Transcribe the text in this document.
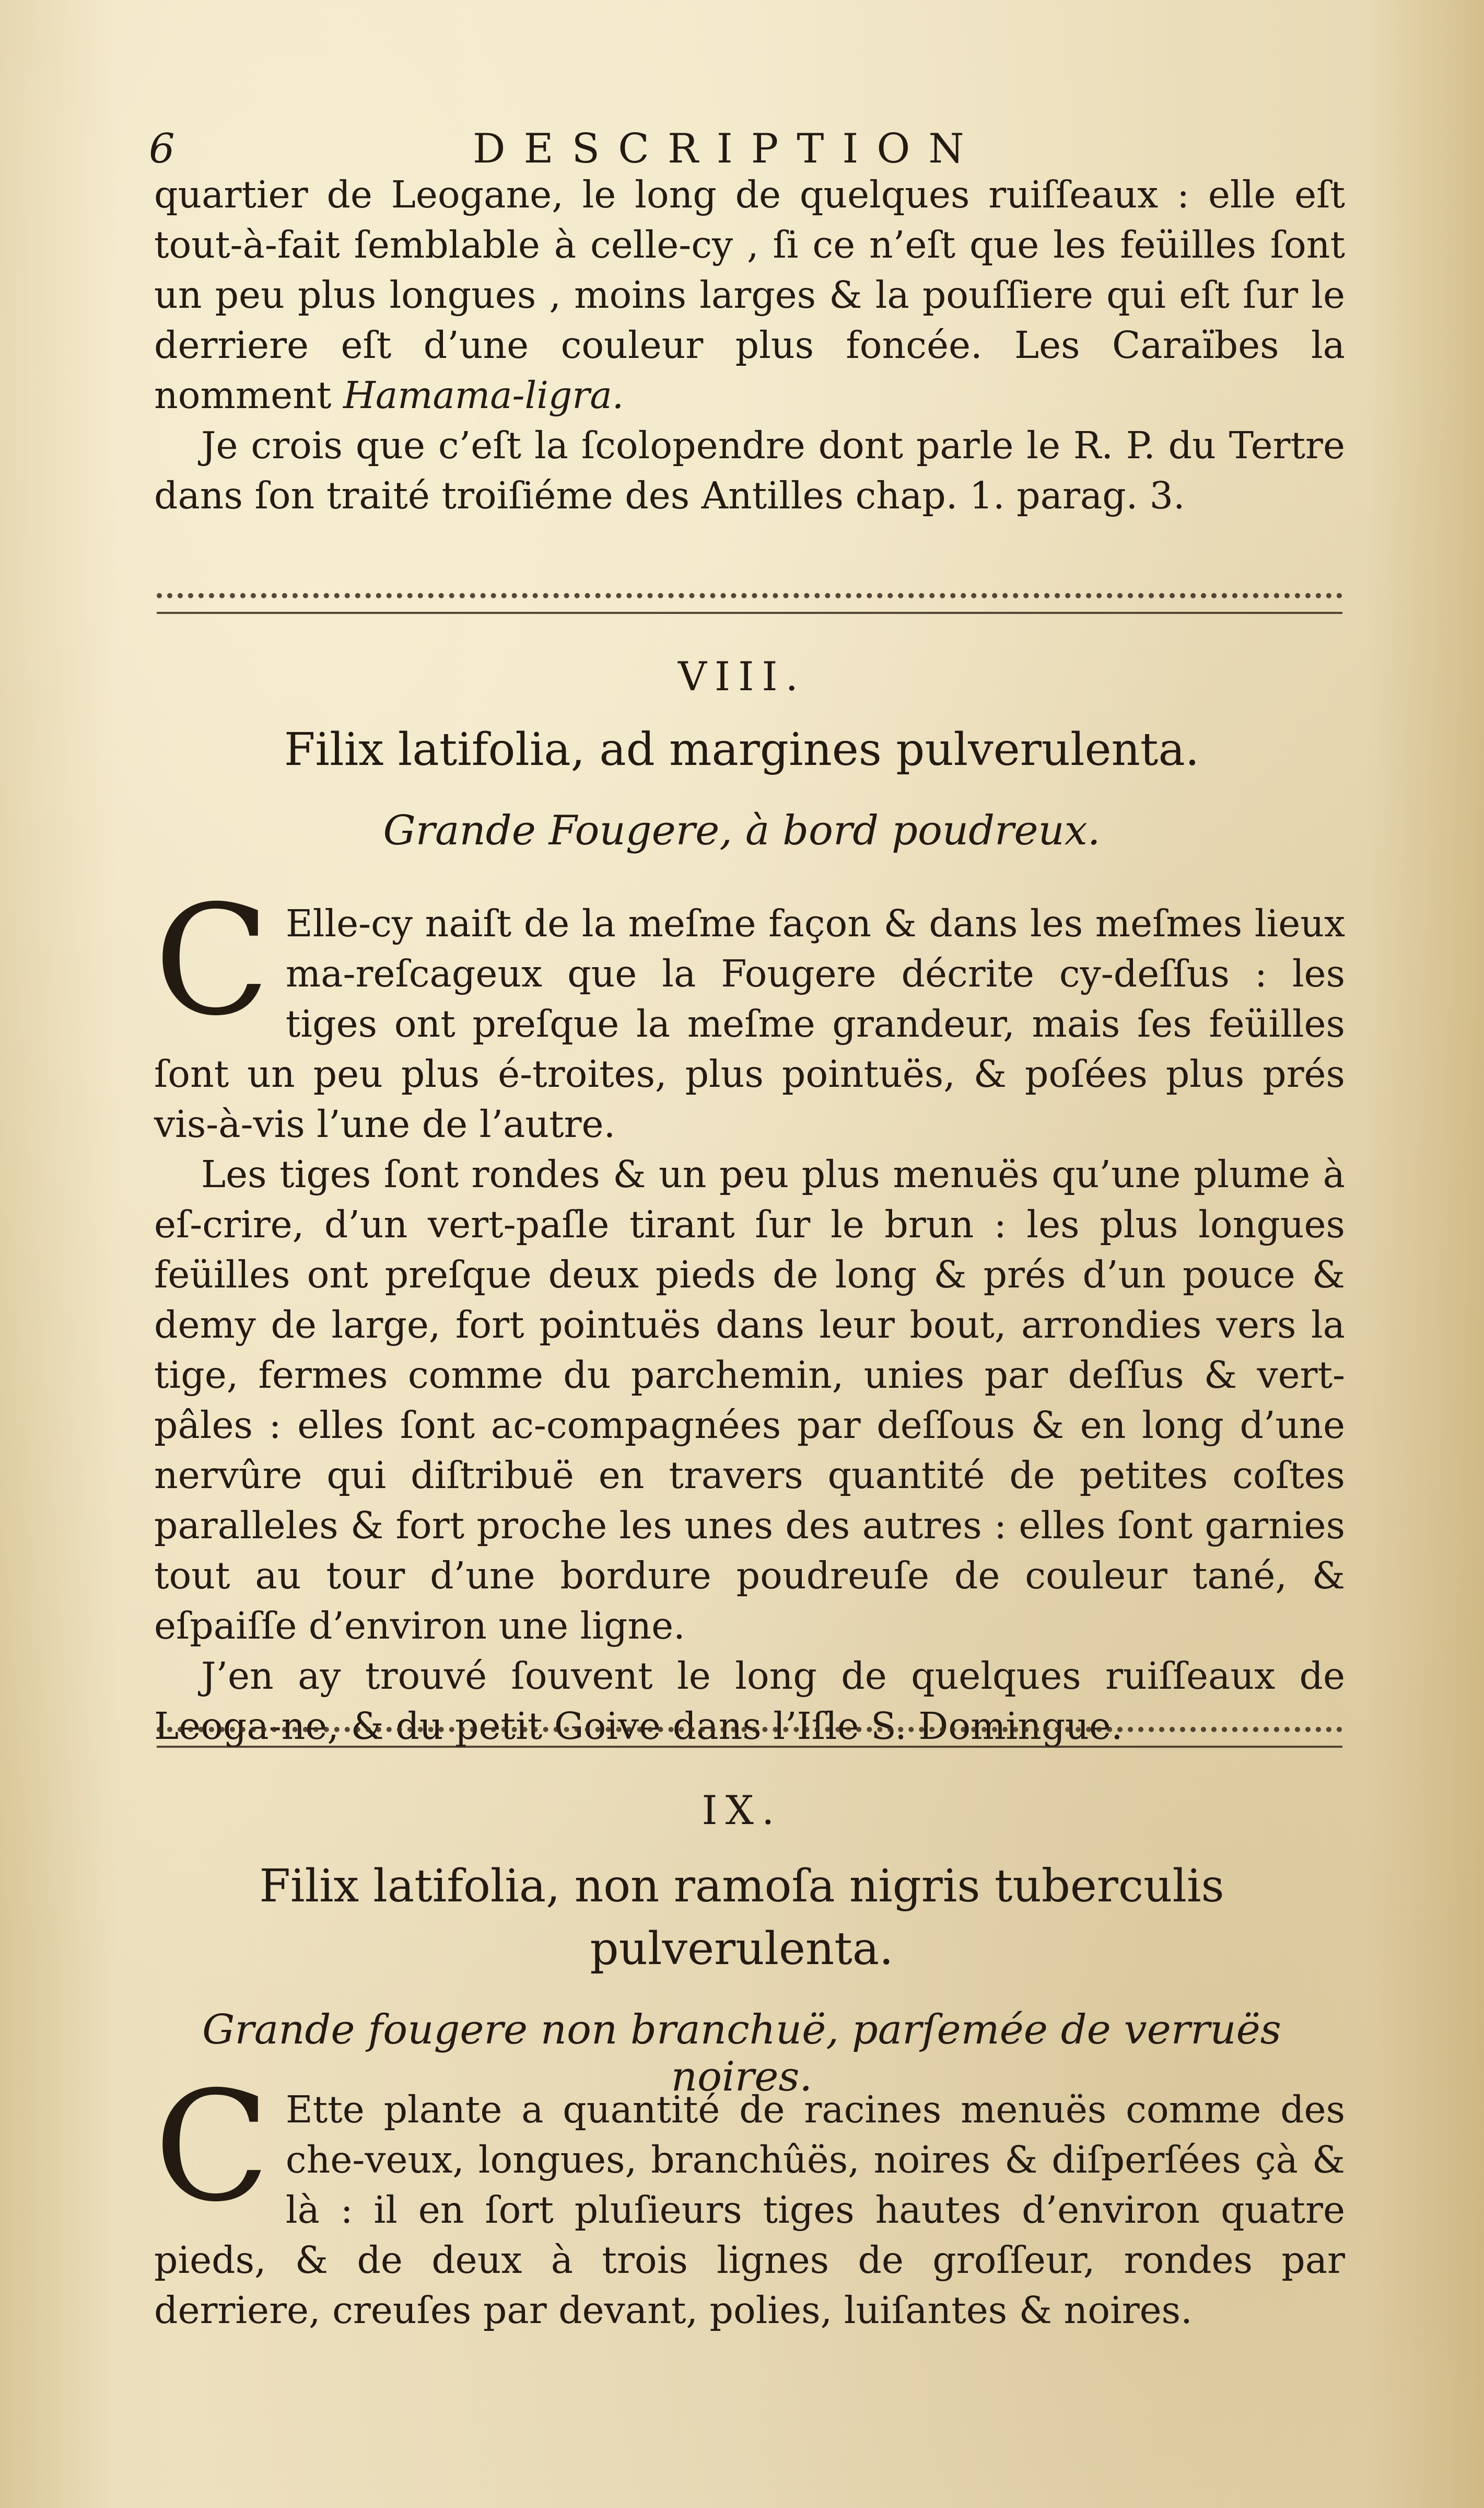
6	DESCRIPTION

quartier de Leogane, le long de quelques ruiſſeaux : elle eſt tout-à-fait ſemblable à celle-cy , ſi ce n’eſt que les feüilles ſont un peu plus longues , moins larges & la pouſſiere qui eſt ſur le derriere eſt d’une couleur plus foncée. Les Caraïbes la nomment Hamama-ligra.

Je crois que c’eſt la ſcolopendre dont parle le R. P. du Tertre dans ſon traité troiſiéme des Antilles chap. 1. parag. 3.

VIII.
Filix latifolia, ad margines pulverulenta.
Grande Fougere, à bord poudreux.

C Elle-cy naiſt de la meſme façon & dans les meſmes lieux ma-reſcageux que la Fougere décrite cy-deſſus : les tiges ont preſque la meſme grandeur, mais ſes feüilles ſont un peu plus é-troites, plus pointuës, & poſées plus prés vis-à-vis l’une de l’autre.

Les tiges ſont rondes & un peu plus menuës qu’une plume à eſ-crire, d’un vert-paſle tirant ſur le brun : les plus longues feüilles ont preſque deux pieds de long & prés d’un pouce & demy de large, fort pointuës dans leur bout, arrondies vers la tige, fermes comme du parchemin, unies par deſſus & vert-pâles : elles ſont ac-compagnées par deſſous & en long d’une nervûre qui diſtribuë en travers quantité de petites coſtes paralleles & fort proche les unes des autres : elles ſont garnies tout au tour d’une bordure poudreuſe de couleur tané, & eſpaiſſe d’environ une ligne.

J’en ay trouvé ſouvent le long de quelques ruiſſeaux de Leoga-ne, & du petit Goive dans l’Iſle S. Domingue.

IX.
Filix latifolia, non ramoſa nigris tuberculis pulverulenta.
Grande fougere non branchuë, parſemée de verruës noires.

C Ette plante a quantité de racines menuës comme des che-veux, longues, branchûës, noires & diſperſées çà & là : il en ſort pluſieurs tiges hautes d’environ quatre pieds, & de deux à trois lignes de groſſeur, rondes par derriere, creuſes par devant, polies, luiſantes & noires.
